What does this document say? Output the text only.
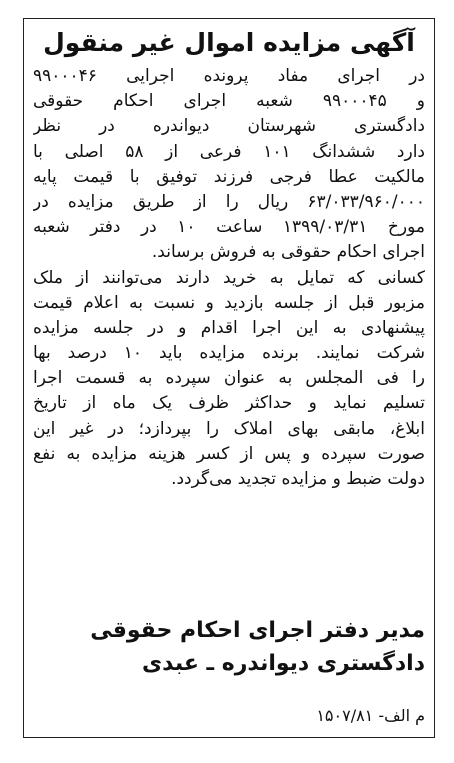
آگهی مزایده اموال غیر منقول
در اجرای مفاد پرونده اجرایی ۹۹۰۰۰۴۶
و ۹۹۰۰۰۴۵ شعبه اجرای احکام حقوقی
دادگستری شهرستان دیواندره در نظر
دارد ششدانگ ۱۰۱ فرعی از ۵۸ اصلی با
مالکیت عطا فرجی فرزند توفیق با قیمت پایه
۶۳/۰۳۳/۹۶۰/۰۰۰ ریال را از طریق مزایده در
مورخ ۱۳۹۹/۰۳/۳۱ ساعت ۱۰ در دفتر شعبه
اجرای احکام حقوقی به فروش برساند.
کسانی که تمایل به خرید دارند می‌توانند از ملک
مزبور قبل از جلسه بازدید و نسبت به اعلام قیمت
پیشنهادی به این اجرا اقدام و در جلسه مزایده
شرکت نمایند. برنده مزایده باید ۱۰ درصد بها
را فی المجلس به عنوان سپرده به قسمت اجرا
تسلیم نماید و حداکثر ظرف یک ماه از تاریخ
ابلاغ، مابقی بهای املاک را بپردازد؛ در غیر این
صورت سپرده و پس از کسر هزینه مزایده به نفع
دولت ضبط و مزایده تجدید می‌گردد.
مدیر دفتر اجرای احکام حقوقی
دادگستری دیواندره ـ عبدی
م الف- ۱۵۰۷/۸۱
